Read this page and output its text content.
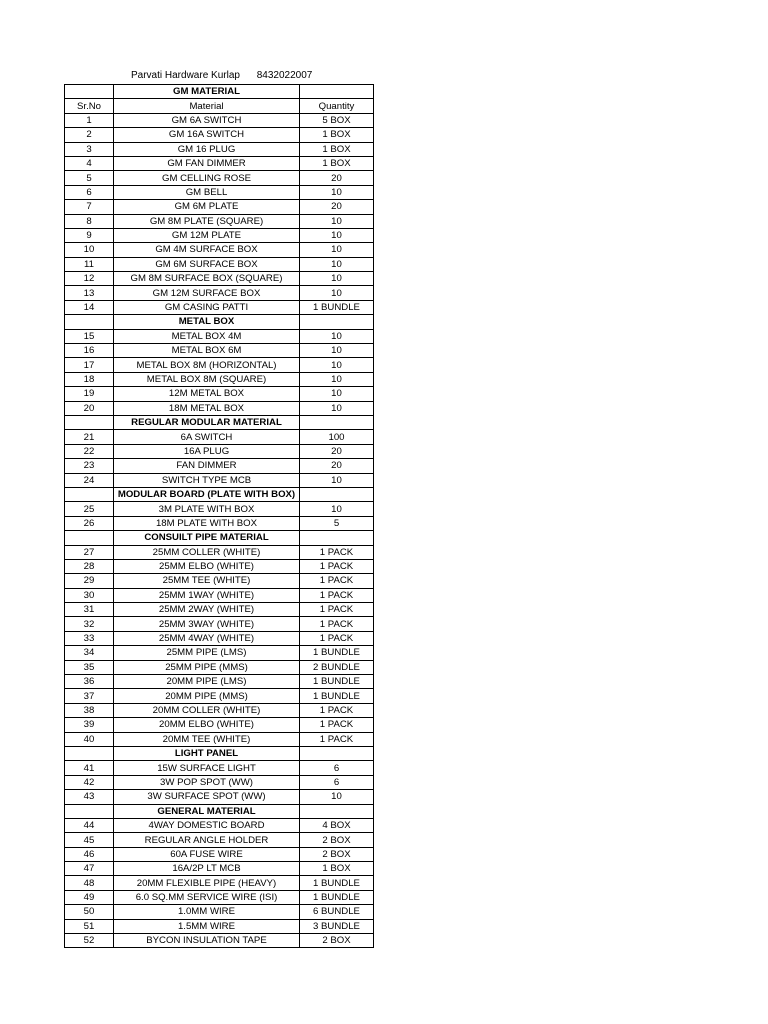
Parvati Hardware Kurlap 8432022007
	GM MATERIAL	
Sr.No	Material	Quantity
1	GM 6A SWITCH	5 BOX
2	GM 16A SWITCH	1 BOX
3	GM 16 PLUG	1 BOX
4	GM FAN DIMMER	1 BOX
5	GM CELLING ROSE	20
6	GM BELL	10
7	GM 6M PLATE	20
8	GM 8M PLATE (SQUARE)	10
9	GM 12M PLATE	10
10	GM 4M SURFACE BOX	10
11	GM 6M SURFACE BOX	10
12	GM 8M SURFACE BOX (SQUARE)	10
13	GM 12M SURFACE BOX	10
14	GM CASING PATTI	1 BUNDLE
	METAL BOX	
15	METAL BOX 4M	10
16	METAL BOX 6M	10
17	METAL BOX 8M (HORIZONTAL)	10
18	METAL BOX 8M (SQUARE)	10
19	12M METAL BOX	10
20	18M METAL BOX	10
	REGULAR MODULAR MATERIAL	
21	6A SWITCH	100
22	16A PLUG	20
23	FAN DIMMER	20
24	SWITCH TYPE MCB	10
	MODULAR BOARD (PLATE WITH BOX)	
25	3M PLATE WITH BOX	10
26	18M PLATE WITH BOX	5
	CONSUILT PIPE MATERIAL	
27	25MM COLLER (WHITE)	1 PACK
28	25MM ELBO (WHITE)	1 PACK
29	25MM TEE (WHITE)	1 PACK
30	25MM 1WAY (WHITE)	1 PACK
31	25MM 2WAY (WHITE)	1 PACK
32	25MM 3WAY (WHITE)	1 PACK
33	25MM 4WAY (WHITE)	1 PACK
34	25MM PIPE (LMS)	1 BUNDLE
35	25MM PIPE (MMS)	2 BUNDLE
36	20MM PIPE (LMS)	1 BUNDLE
37	20MM PIPE (MMS)	1 BUNDLE
38	20MM COLLER (WHITE)	1 PACK
39	20MM ELBO (WHITE)	1 PACK
40	20MM TEE (WHITE)	1 PACK
	LIGHT PANEL	
41	15W SURFACE LIGHT	6
42	3W POP SPOT (WW)	6
43	3W SURFACE SPOT (WW)	10
	GENERAL MATERIAL	
44	4WAY DOMESTIC BOARD	4 BOX
45	REGULAR ANGLE HOLDER	2 BOX
46	60A FUSE WIRE	2 BOX
47	16A/2P LT MCB	1 BOX
48	20MM FLEXIBLE PIPE (HEAVY)	1 BUNDLE
49	6.0 SQ.MM SERVICE WIRE (ISI)	1 BUNDLE
50	1.0MM WIRE	6 BUNDLE
51	1.5MM WIRE	3 BUNDLE
52	BYCON INSULATION TAPE	2 BOX
